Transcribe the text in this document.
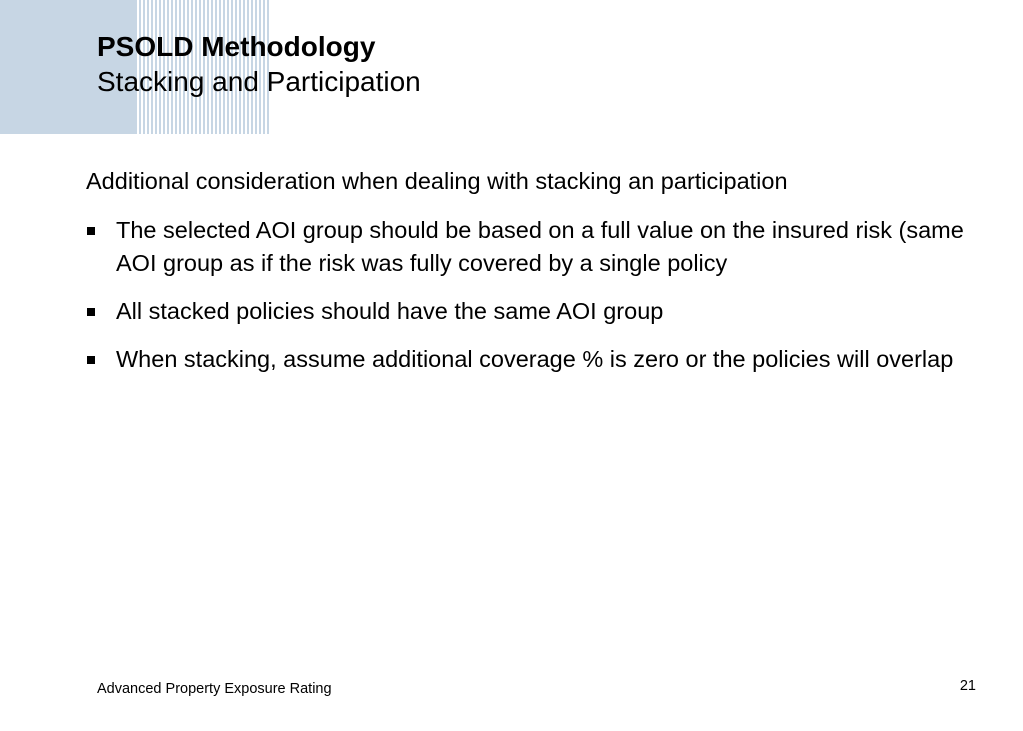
PSOLD Methodology
Stacking and Participation

Additional consideration when dealing with stacking an participation

The selected AOI group should be based on a full value on the insured risk (same AOI group as if the risk was fully covered by a single policy
All stacked policies should have the same AOI group
When stacking, assume additional coverage % is zero or the policies will overlap

Advanced Property Exposure Rating	21
